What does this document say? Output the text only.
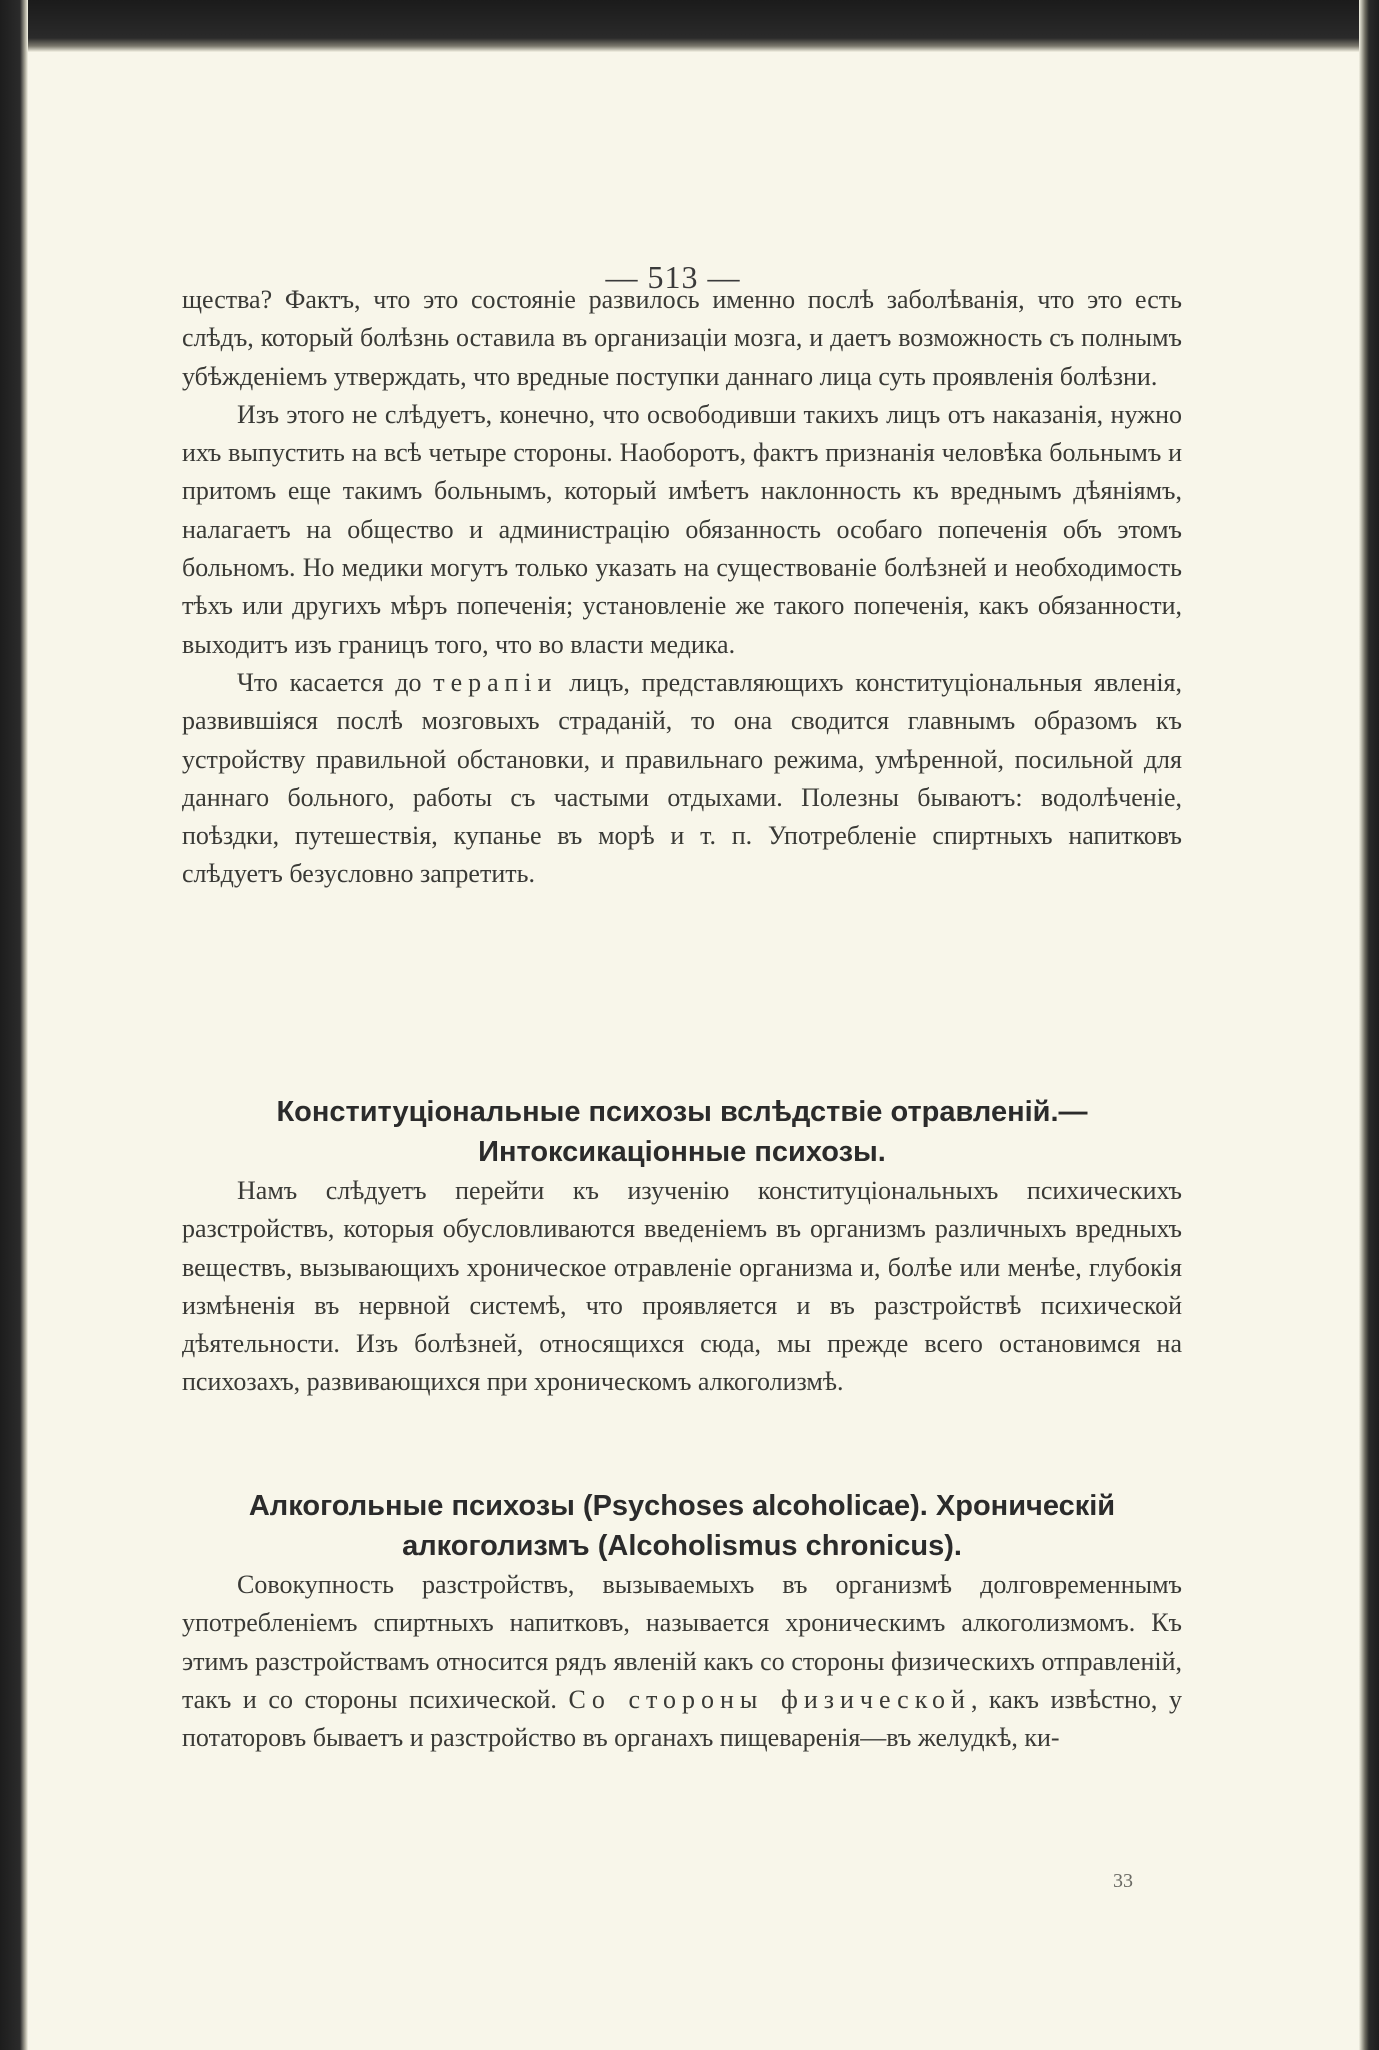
— 513 —

щества? Фактъ, что это состояніе развилось именно послѣ заболѣванія, что это есть слѣдъ, который болѣзнь оставила въ организаціи мозга, и даетъ возможность съ полнымъ убѣжденіемъ утверждать, что вредные поступки даннаго лица суть проявленія болѣзни.

Изъ этого не слѣдуетъ, конечно, что освободивши такихъ лицъ отъ наказанія, нужно ихъ выпустить на всѣ четыре стороны. Наоборотъ, фактъ признанія человѣка больнымъ и притомъ еще такимъ больнымъ, который имѣетъ наклонность къ вреднымъ дѣяніямъ, налагаетъ на общество и администрацію обязанность особаго попеченія объ этомъ больномъ. Но медики могутъ только указать на существованіе болѣзней и необходимость тѣхъ или другихъ мѣръ попеченія; установленіе же такого попеченія, какъ обязанности, выходитъ изъ границъ того, что во власти медика.

Что касается до терапіи лицъ, представляющихъ конституціональныя явленія, развившіяся послѣ мозговыхъ страданій, то она сводится главнымъ образомъ къ устройству правильной обстановки, и правильнаго режима, умѣренной, посильной для даннаго больного, работы съ частыми отдыхами. Полезны бываютъ: водолѣченіе, поѣздки, путешествія, купанье въ морѣ и т. п. Употребленіе спиртныхъ напитковъ слѣдуетъ безусловно запретить.

Конституціональные психозы вслѣдствіе отравленій.—Интоксикаціонные психозы.

Намъ слѣдуетъ перейти къ изученію конституціональныхъ психическихъ разстройствъ, которыя обусловливаются введеніемъ въ организмъ различныхъ вредныхъ веществъ, вызывающихъ хроническое отравленіе организма и, болѣе или менѣе, глубокія измѣненія въ нервной системѣ, что проявляется и въ разстройствѣ психической дѣятельности. Изъ болѣзней, относящихся сюда, мы прежде всего остановимся на психозахъ, развивающихся при хроническомъ алкоголизмѣ.

Алкогольные психозы (Psychoses alcoholicae). Хроническій алкоголизмъ (Alcoholismus chronicus).

Совокупность разстройствъ, вызываемыхъ въ организмѣ долговременнымъ употребленіемъ спиртныхъ напитковъ, называется хроническимъ алкоголизмомъ. Къ этимъ разстройствамъ относится рядъ явленій какъ со стороны физическихъ отправленій, такъ и со стороны психической. Со стороны физической, какъ извѣстно, у потаторовъ бываетъ и разстройство въ органахъ пищеваренія—въ желудкѣ, ки-

33
